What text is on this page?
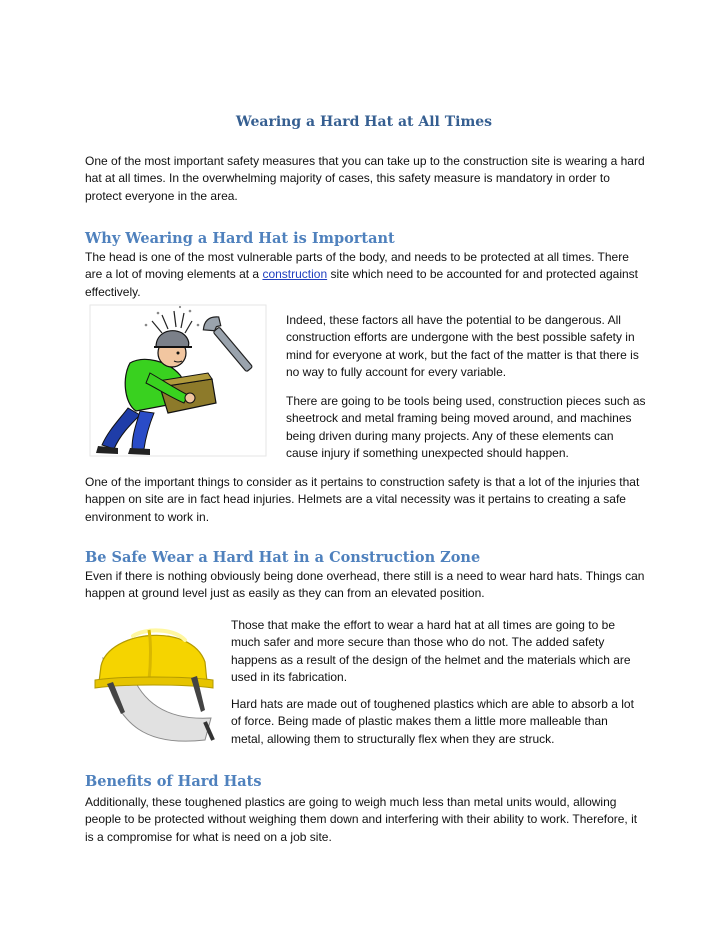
Wearing a Hard Hat at All Times

One of the most important safety measures that you can take up to the construction site is wearing a hard hat at all times. In the overwhelming majority of cases, this safety measure is mandatory in order to protect everyone in the area.

Why Wearing a Hard Hat is Important

The head is one of the most vulnerable parts of the body, and needs to be protected at all times. There are a lot of moving elements at a construction site which need to be accounted for and protected against effectively.

Indeed, these factors all have the potential to be dangerous. All construction efforts are undergone with the best possible safety in mind for everyone at work, but the fact of the matter is that there is no way to fully account for every variable.

There are going to be tools being used, construction pieces such as sheetrock and metal framing being moved around, and machines being driven during many projects. Any of these elements can cause injury if something unexpected should happen.

One of the important things to consider as it pertains to construction safety is that a lot of the injuries that happen on site are in fact head injuries. Helmets are a vital necessity was it pertains to creating a safe environment to work in.

Be Safe Wear a Hard Hat in a Construction Zone

Even if there is nothing obviously being done overhead, there still is a need to wear hard hats. Things can happen at ground level just as easily as they can from an elevated position.

Those that make the effort to wear a hard hat at all times are going to be much safer and more secure than those who do not. The added safety happens as a result of the design of the helmet and the materials which are used in its fabrication.

Hard hats are made out of toughened plastics which are able to absorb a lot of force. Being made of plastic makes them a little more malleable than metal, allowing them to structurally flex when they are struck.

Benefits of Hard Hats

Additionally, these toughened plastics are going to weigh much less than metal units would, allowing people to be protected without weighing them down and interfering with their ability to work. Therefore, it is a compromise for what is need on a job site.
